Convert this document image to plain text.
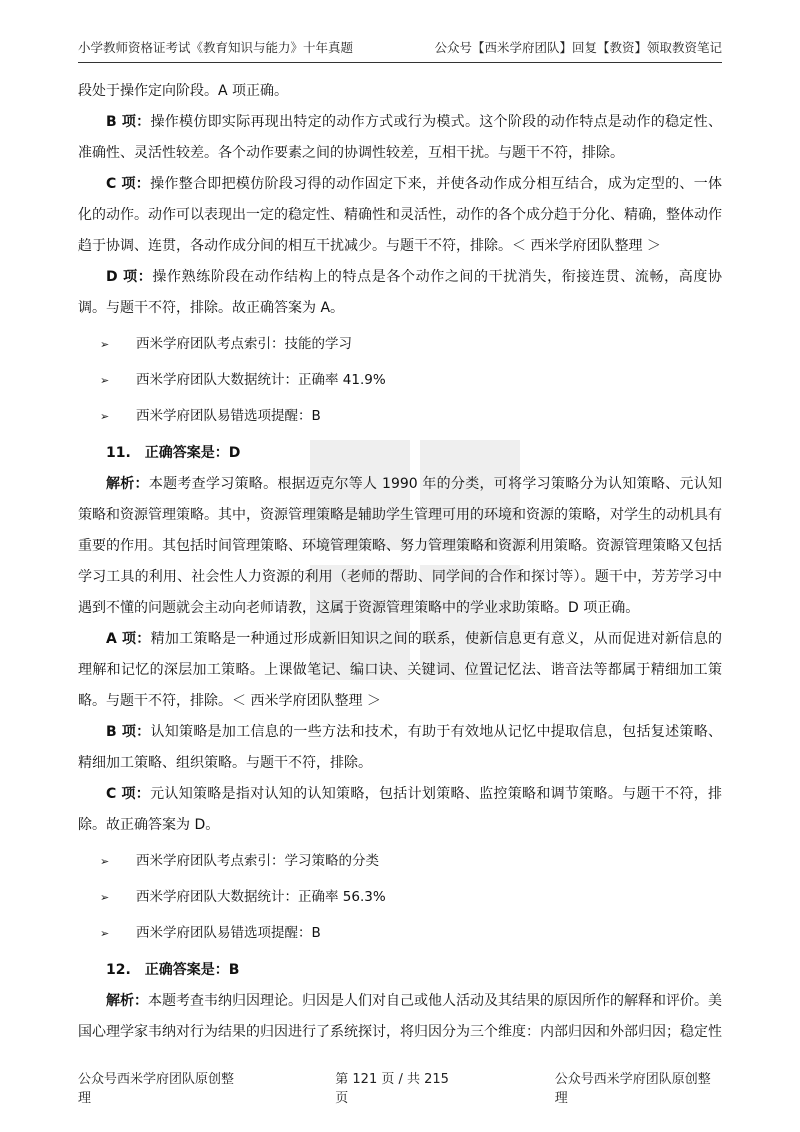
小学教师资格证考试《教育知识与能力》十年真题	公众号【西米学府团队】回复【教资】领取教资笔记

段处于操作定向阶段。A 项正确。

B 项：操作模仿即实际再现出特定的动作方式或行为模式。这个阶段的动作特点是动作的稳定性、准确性、灵活性较差。各个动作要素之间的协调性较差，互相干扰。与题干不符，排除。

C 项：操作整合即把模仿阶段习得的动作固定下来，并使各动作成分相互结合，成为定型的、一体化的动作。动作可以表现出一定的稳定性、精确性和灵活性，动作的各个成分趋于分化、精确，整体动作趋于协调、连贯，各动作成分间的相互干扰减少。与题干不符，排除。＜ 西米学府团队整理 ＞

D 项：操作熟练阶段在动作结构上的特点是各个动作之间的干扰消失，衔接连贯、流畅，高度协调。与题干不符，排除。故正确答案为 A。

➢	西米学府团队考点索引：技能的学习

➢	西米学府团队大数据统计：正确率 41.9%

➢	西米学府团队易错选项提醒：B

11.　正确答案是：D

解析：本题考查学习策略。根据迈克尔等人 1990 年的分类，可将学习策略分为认知策略、元认知策略和资源管理策略。其中，资源管理策略是辅助学生管理可用的环境和资源的策略，对学生的动机具有重要的作用。其包括时间管理策略、环境管理策略、努力管理策略和资源利用策略。资源管理策略又包括学习工具的利用、社会性人力资源的利用（老师的帮助、同学间的合作和探讨等）。题干中，芳芳学习中遇到不懂的问题就会主动向老师请教，这属于资源管理策略中的学业求助策略。D 项正确。

A 项：精加工策略是一种通过形成新旧知识之间的联系，使新信息更有意义，从而促进对新信息的理解和记忆的深层加工策略。上课做笔记、编口诀、关键词、位置记忆法、谐音法等都属于精细加工策略。与题干不符，排除。＜ 西米学府团队整理 ＞

B 项：认知策略是加工信息的一些方法和技术，有助于有效地从记忆中提取信息，包括复述策略、精细加工策略、组织策略。与题干不符，排除。

C 项：元认知策略是指对认知的认知策略，包括计划策略、监控策略和调节策略。与题干不符，排除。故正确答案为 D。

➢	西米学府团队考点索引：学习策略的分类

➢	西米学府团队大数据统计：正确率 56.3%

➢	西米学府团队易错选项提醒：B

12.　正确答案是：B

解析：本题考查韦纳归因理论。归因是人们对自己或他人活动及其结果的原因所作的解释和评价。美国心理学家韦纳对行为结果的归因进行了系统探讨，将归因分为三个维度：内部归因和外部归因；稳定性

公众号西米学府团队原创整理
第 121 页 / 共 215 页
公众号西米学府团队原创整理
